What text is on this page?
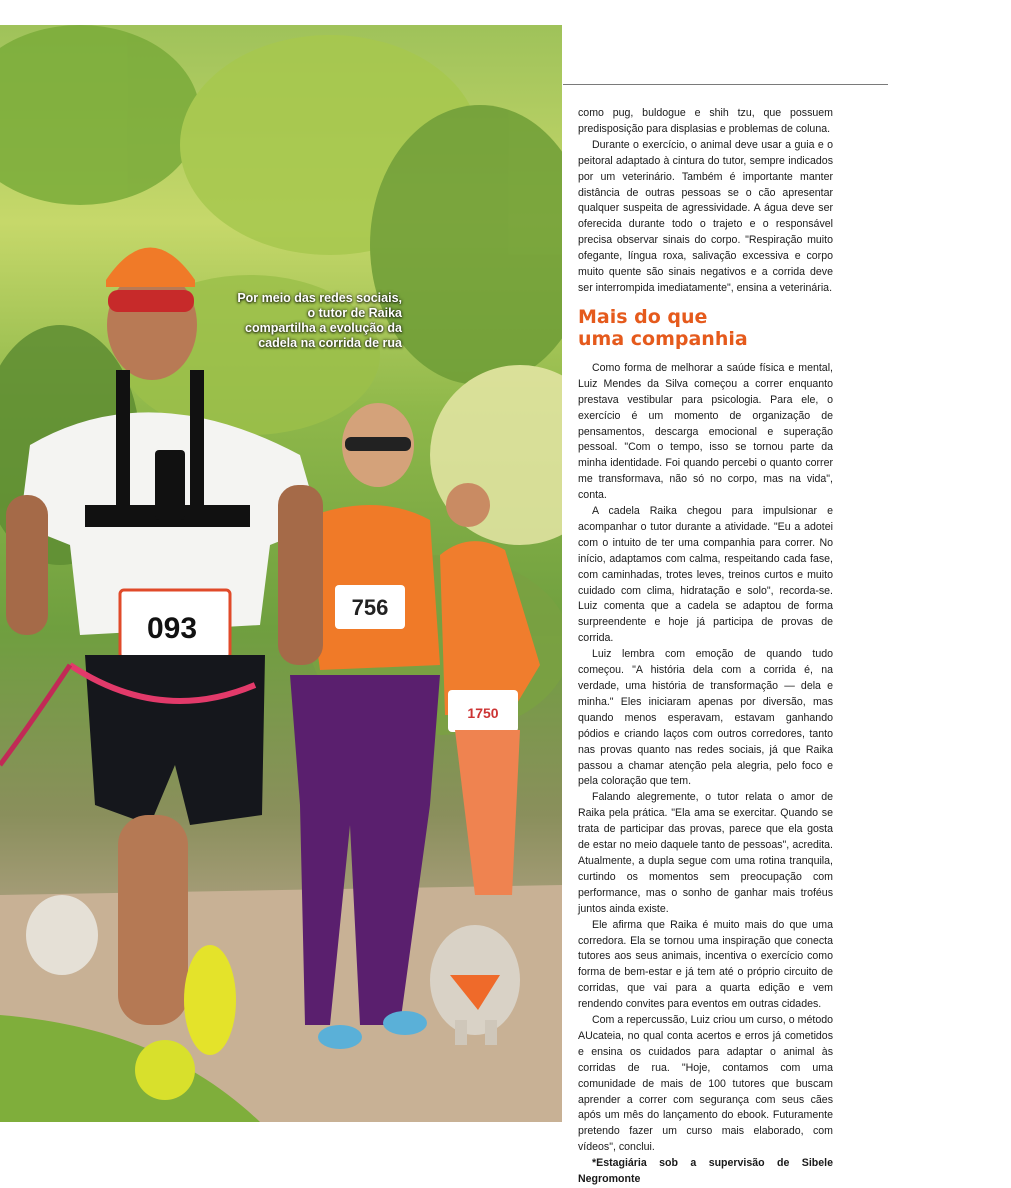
1750
756
093
Por meio das redes sociais,
o tutor de Raika
compartilha a evolução da
cadela na corrida de rua

como pug, buldogue e shih tzu, que possuem predisposição para displasias e problemas de coluna.

Durante o exercício, o animal deve usar a guia e o peitoral adaptado à cintura do tutor, sempre indicados por um veterinário. Também é importante manter distância de outras pessoas se o cão apresentar qualquer suspeita de agressividade. A água deve ser oferecida durante todo o trajeto e o responsável precisa observar sinais do corpo. "Respiração muito ofegante, língua roxa, salivação excessiva e corpo muito quente são sinais negativos e a corrida deve ser interrompida imediatamente", ensina a veterinária.

Mais do que
uma companhia

Como forma de melhorar a saúde física e mental, Luiz Mendes da Silva começou a correr enquanto prestava vestibular para psicologia. Para ele, o exercício é um momento de organização de pensamentos, descarga emocional e superação pessoal. "Com o tempo, isso se tornou parte da minha identidade. Foi quando percebi o quanto correr me transformava, não só no corpo, mas na vida", conta.

A cadela Raika chegou para impulsionar e acompanhar o tutor durante a atividade. "Eu a adotei com o intuito de ter uma companhia para correr. No início, adaptamos com calma, respeitando cada fase, com caminhadas, trotes leves, treinos curtos e muito cuidado com clima, hidratação e solo", recorda-se. Luiz comenta que a cadela se adaptou de forma surpreendente e hoje já participa de provas de corrida.

Luiz lembra com emoção de quando tudo começou. "A história dela com a corrida é, na verdade, uma história de transformação — dela e minha." Eles iniciaram apenas por diversão, mas quando menos esperavam, estavam ganhando pódios e criando laços com outros corredores, tanto nas provas quanto nas redes sociais, já que Raika passou a chamar atenção pela alegria, pelo foco e pela coloração que tem.

Falando alegremente, o tutor relata o amor de Raika pela prática. "Ela ama se exercitar. Quando se trata de participar das provas, parece que ela gosta de estar no meio daquele tanto de pessoas", acredita. Atualmente, a dupla segue com uma rotina tranquila, curtindo os momentos sem preocupação com performance, mas o sonho de ganhar mais troféus juntos ainda existe.

Ele afirma que Raika é muito mais do que uma corredora. Ela se tornou uma inspiração que conecta tutores aos seus animais, incentiva o exercício como forma de bem-estar e já tem até o próprio circuito de corridas, que vai para a quarta edição e vem rendendo convites para eventos em outras cidades.

Com a repercussão, Luiz criou um curso, o método AUcateia, no qual conta acertos e erros já cometidos e ensina os cuidados para adaptar o animal às corridas de rua. "Hoje, contamos com uma comunidade de mais de 100 tutores que buscam aprender a correr com segurança com seus cães após um mês do lançamento do ebook. Futuramente pretendo fazer um curso mais elaborado, com vídeos", conclui.

*Estagiária sob a supervisão de Sibele Negromonte
